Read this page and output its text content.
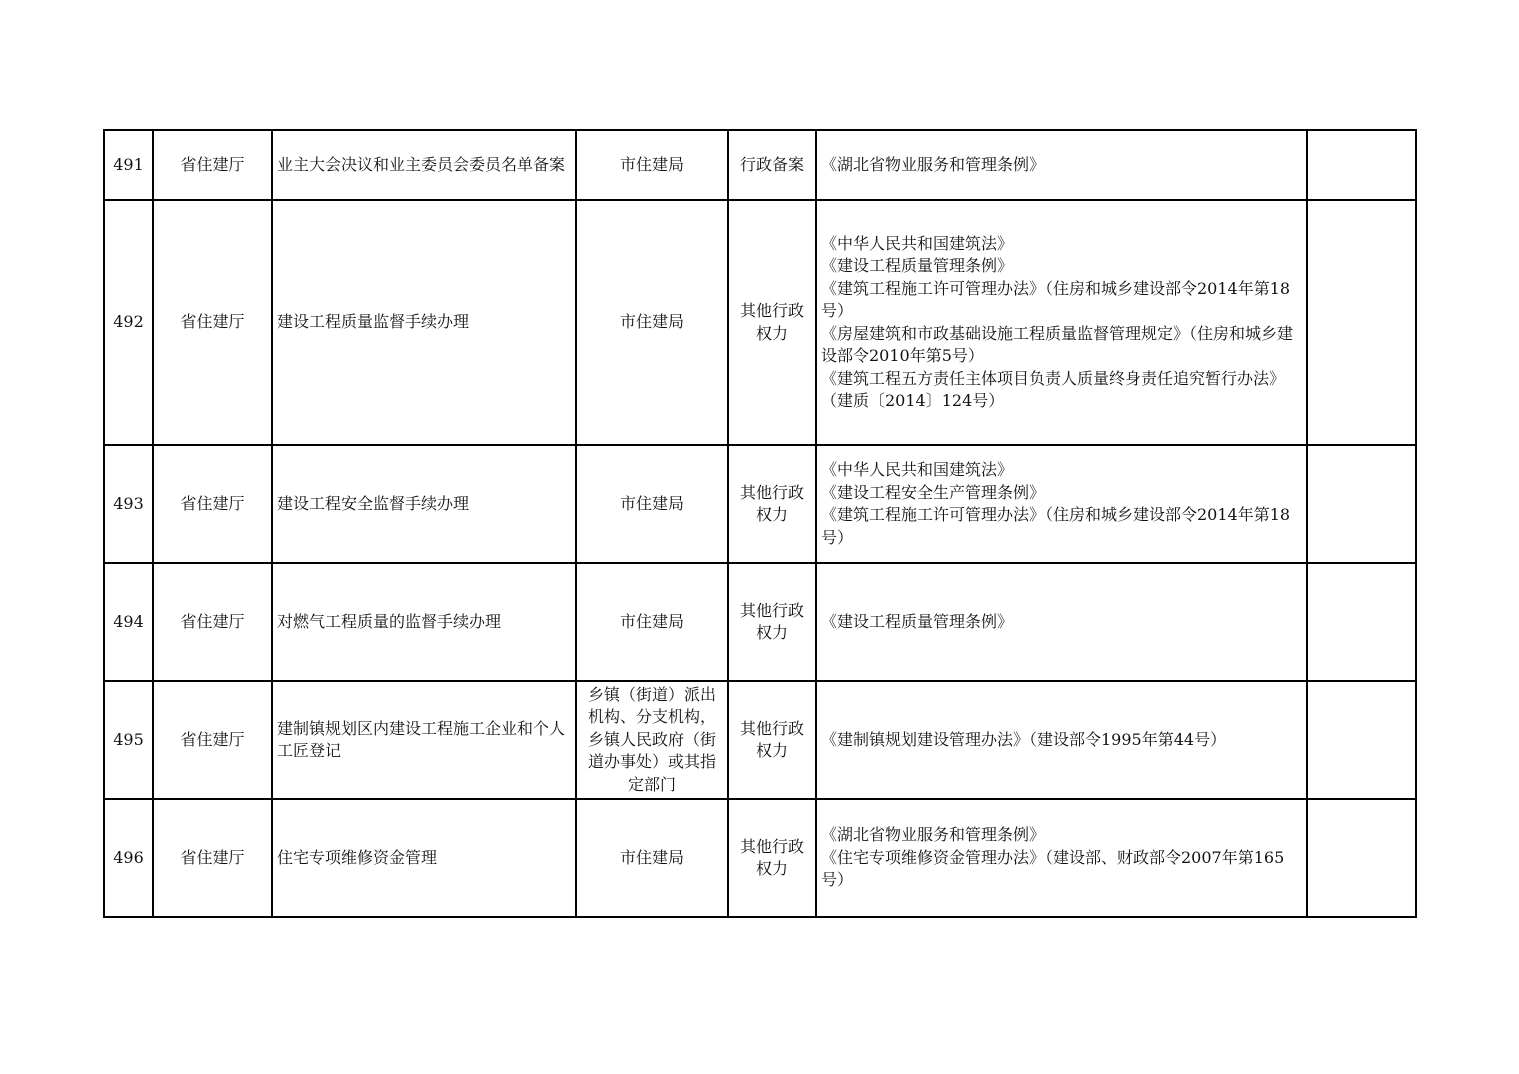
491	省住建厅	业主大会决议和业主委员会委员名单备案	市住建局	行政备案	《湖北省物业服务和管理条例》	

492	省住建厅	建设工程质量监督手续办理	市住建局	其他行政权力	《中华人民共和国建筑法》
《建设工程质量管理条例》
《建筑工程施工许可管理办法》（住房和城乡建设部令2014年第18号）
《房屋建筑和市政基础设施工程质量监督管理规定》（住房和城乡建设部令2010年第5号）
《建筑工程五方责任主体项目负责人质量终身责任追究暂行办法》（建质〔2014〕124号）	

493	省住建厅	建设工程安全监督手续办理	市住建局	其他行政权力	《中华人民共和国建筑法》
《建设工程安全生产管理条例》
《建筑工程施工许可管理办法》（住房和城乡建设部令2014年第18号）	

494	省住建厅	对燃气工程质量的监督手续办理	市住建局	其他行政权力	《建设工程质量管理条例》	

495	省住建厅	建制镇规划区内建设工程施工企业和个人工匠登记	乡镇（街道）派出机构、分支机构，乡镇人民政府（街道办事处）或其指定部门	其他行政权力	《建制镇规划建设管理办法》（建设部令1995年第44号）	

496	省住建厅	住宅专项维修资金管理	市住建局	其他行政权力	《湖北省物业服务和管理条例》
《住宅专项维修资金管理办法》（建设部、财政部令2007年第165号）	
